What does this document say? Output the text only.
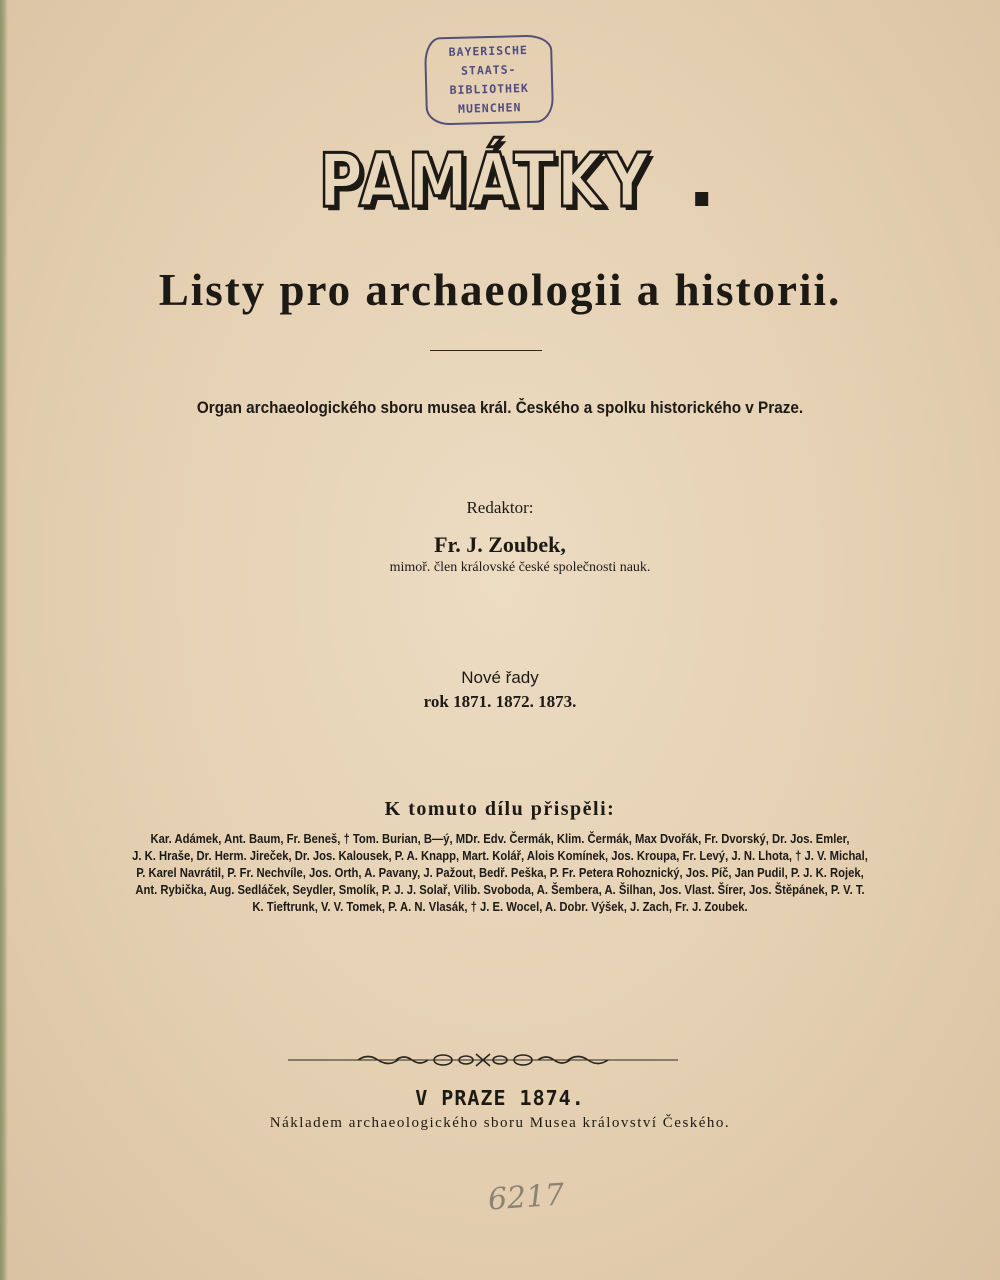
BAYERISCHE
STAATS-
BIBLIOTHEK
MUENCHEN
PAMÁTKY .
Listy pro archaeologii a historii.
Organ archaeologického sboru musea král. Českého a spolku historického v Praze.
Redaktor:
Fr. J. Zoubek,
mimoř. člen královské české společnosti nauk.
Nové řady
rok 1871. 1872. 1873.
K tomuto dílu přispěli:
Kar. Adámek, Ant. Baum, Fr. Beneš, † Tom. Burian, B—ý, MDr. Edv. Čermák, Klim. Čermák, Max Dvořák, Fr. Dvorský, Dr. Jos. Emler,
J. K. Hraše, Dr. Herm. Jireček, Dr. Jos. Kalousek, P. A. Knapp, Mart. Kolář, Alois Komínek, Jos. Kroupa, Fr. Levý, J. N. Lhota, † J. V. Michal,
P. Karel Navrátil, P. Fr. Nechvíle, Jos. Orth, A. Pavany, J. Pažout, Bedř. Peška, P. Fr. Petera Rohoznický, Jos. Píč, Jan Pudil, P. J. K. Rojek,
Ant. Rybička, Aug. Sedláček, Seydler, Smolík, P. J. J. Solař, Vilib. Svoboda, A. Šembera, A. Šilhan, Jos. Vlast. Šírer, Jos. Štěpánek, P. V. T.
K. Tieftrunk, V. V. Tomek, P. A. N. Vlasák, † J. E. Wocel, A. Dobr. Výšek, J. Zach, Fr. J. Zoubek.
V PRAZE 1874.
Nákladem archaeologického sboru Musea království Českého.
6217
